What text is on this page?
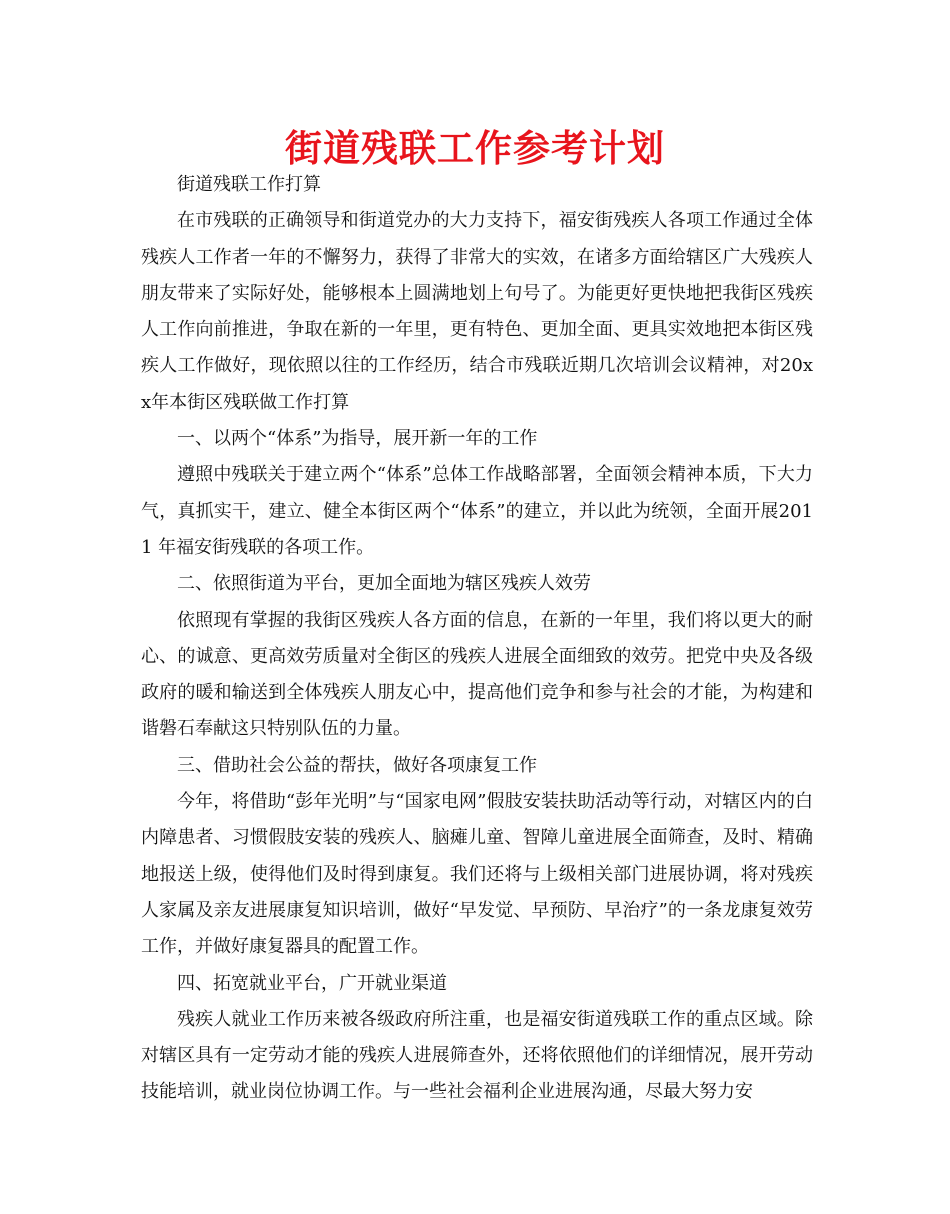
街道残联工作参考计划

街道残联工作打算

在市残联的正确领导和街道党办的大力支持下，福安街残疾人各项工作通过全体残疾人工作者一年的不懈努力，获得了非常大的实效，在诸多方面给辖区广大残疾人朋友带来了实际好处，能够根本上圆满地划上句号了。为能更好更快地把我街区残疾人工作向前推进，争取在新的一年里，更有特色、更加全面、更具实效地把本街区残疾人工作做好，现依照以往的工作经历，结合市残联近期几次培训会议精神，对20xx年本街区残联做工作打算

一、以两个“体系”为指导，展开新一年的工作

遵照中残联关于建立两个“体系”总体工作战略部署，全面领会精神本质，下大力气，真抓实干，建立、健全本街区两个“体系”的建立，并以此为统领，全面开展2011 年福安街残联的各项工作。

二、依照街道为平台，更加全面地为辖区残疾人效劳

依照现有掌握的我街区残疾人各方面的信息，在新的一年里，我们将以更大的耐心、的诚意、更高效劳质量对全街区的残疾人进展全面细致的效劳。把党中央及各级政府的暖和输送到全体残疾人朋友心中，提高他们竞争和参与社会的才能，为构建和谐磐石奉献这只特别队伍的力量。

三、借助社会公益的帮扶，做好各项康复工作

今年，将借助“彭年光明”与“国家电网”假肢安装扶助活动等行动，对辖区内的白内障患者、习惯假肢安装的残疾人、脑瘫儿童、智障儿童进展全面筛查，及时、精确地报送上级，使得他们及时得到康复。我们还将与上级相关部门进展协调，将对残疾人家属及亲友进展康复知识培训，做好“早发觉、早预防、早治疗”的一条龙康复效劳工作，并做好康复器具的配置工作。

四、拓宽就业平台，广开就业渠道

残疾人就业工作历来被各级政府所注重，也是福安街道残联工作的重点区域。除对辖区具有一定劳动才能的残疾人进展筛查外，还将依照他们的详细情况，展开劳动技能培训，就业岗位协调工作。与一些社会福利企业进展沟通，尽最大努力安
